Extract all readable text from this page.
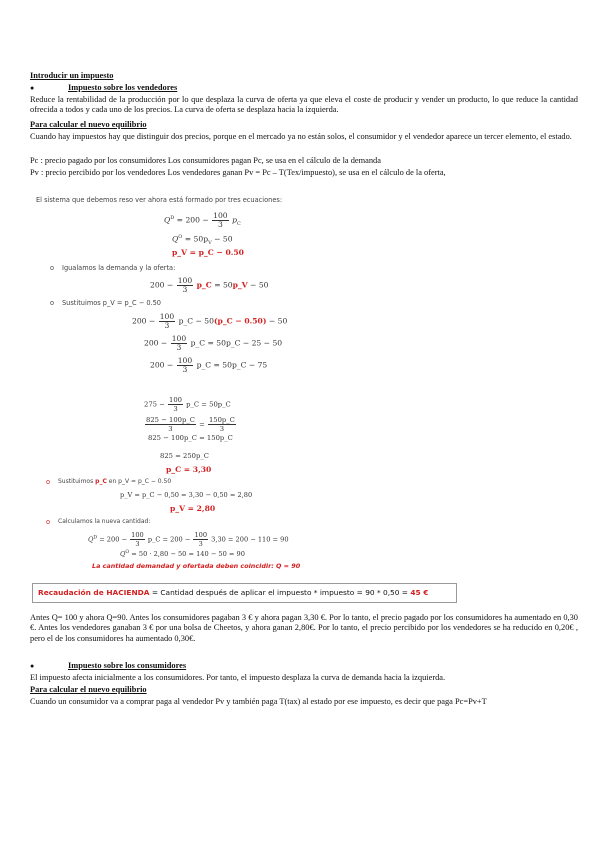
Introducir un impuesto
●	Impuesto sobre los vendedores
Reduce la rentabilidad de la producción por lo que desplaza la curva de oferta ya que eleva el coste de producir y vender un producto, lo que reduce la cantidad ofrecida a todos y cada uno de los precios. La curva de oferta se desplaza hacia la izquierda.
Para calcular el nuevo equilibrio
Cuando hay impuestos hay que distinguir dos precios, porque en el mercado ya no están solos, el consumidor y el vendedor aparece un tercer elemento, el estado.
Pc : precio pagado por los consumidores Los consumidores pagan Pc, se usa en el cálculo de la demanda
Pv : precio percibido por los vendedores Los vendedores ganan Pv = Pc – T(Tex/impuesto), se usa en el cálculo de la oferta,
El sistema que debemos reso ver ahora está formado por tres ecuaciones:
$Q^D = 200 - \frac{100}{3} p_C$
$Q^O = 50p_V - 50$
p_V = p_C − 0.50
o Igualamos la demanda y la oferta:
$200 - \frac{100}{3}$ p_C = 50p_V − 50
o Sustituimos p_V = p_C − 0.50
$200 - \frac{100}{3}$ p_C − 50(p_C − 0.50) − 50
$200 - \frac{100}{3}$ p_C = 50p_C − 25 − 50
$200 - \frac{100}{3}$ p_C = 50p_C − 75
$275 - \frac{100}{3}$ p_C = 50p_C
$\frac{825 - 100p\_C}{3} = \frac{150p\_C}{3}$
825 − 100p_C = 150p_C
825 = 250p_C
p_C = 3,30
o Sustituimos p_C en p_V = p_C − 0.50
p_V = p_C − 0,50 = 3,30 − 0,50 = 2,80
p_V = 2,80
o Calculamos la nueva cantidad:
$Q^D = 200 - \frac{100}{3}$ p_C = $200 - \frac{100}{3} 3,30 = 200 - 110 = 90$
$Q^O = 50 \cdot 2,80 - 50 = 140 - 50 = 90$
La cantidad demandad y ofertada deben coincidir: Q = 90
Recaudación de HACIENDA = Cantidad después de aplicar el impuesto * impuesto = 90 * 0,50 = 45 €
Antes Q= 100 y ahora Q=90. Antes los consumidores pagaban 3 € y ahora pagan 3,30 €. Por lo tanto, el precio pagado por los consumidores ha aumentado en 0,30 €. Antes los vendedores ganaban 3 € por una bolsa de Cheetos, y ahora ganan 2,80€. Por lo tanto, el precio percibido por los vendedores se ha reducido en 0,20€ , pero el de los consumidores ha aumentado 0,30€.
●	Impuesto sobre los consumidores
El impuesto afecta inicialmente a los consumidores. Por tanto, el impuesto desplaza la curva de demanda hacia la izquierda.
Para calcular el nuevo equilibrio
Cuando un consumidor va a comprar paga al vendedor Pv y también paga T(tax) al estado por ese impuesto, es decir que paga Pc=Pv+T
